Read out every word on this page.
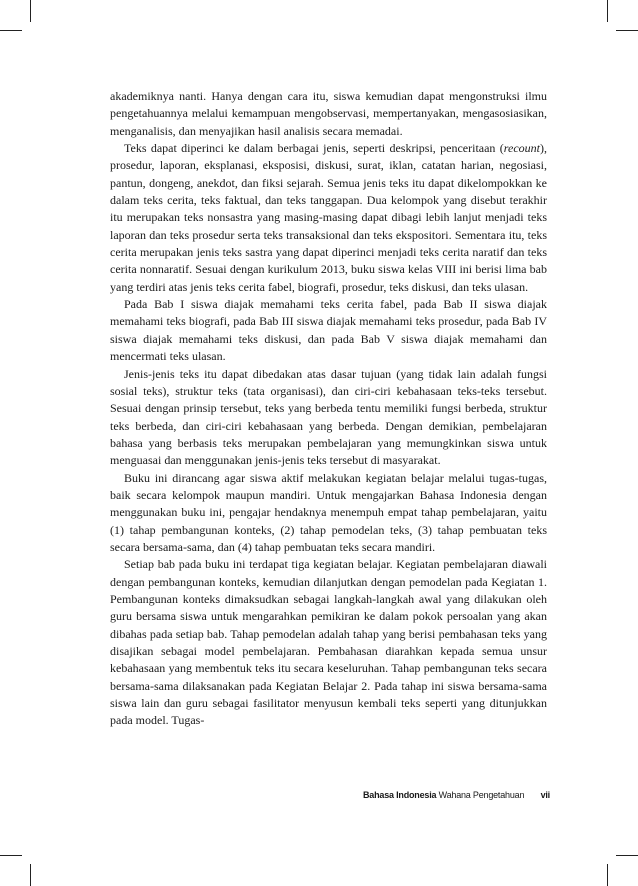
akademiknya nanti. Hanya dengan cara itu, siswa kemudian dapat mengonstruksi ilmu pengetahuannya melalui kemampuan mengobservasi, mempertanyakan, mengasosiasikan, menganalisis, dan menyajikan hasil analisis secara memadai.

Teks dapat diperinci ke dalam berbagai jenis, seperti deskripsi, penceritaan (recount), prosedur, laporan, eksplanasi, eksposisi, diskusi, surat, iklan, catatan harian, negosiasi, pantun, dongeng, anekdot, dan fiksi sejarah. Semua jenis teks itu dapat dikelompokkan ke dalam teks cerita, teks faktual, dan teks tanggapan. Dua kelompok yang disebut terakhir itu merupakan teks nonsastra yang masing-masing dapat dibagi lebih lanjut menjadi teks laporan dan teks prosedur serta teks transaksional dan teks ekspositori. Sementara itu, teks cerita merupakan jenis teks sastra yang dapat diperinci menjadi teks cerita naratif dan teks cerita nonnaratif. Sesuai dengan kurikulum 2013, buku siswa kelas VIII ini berisi lima bab yang terdiri atas jenis teks cerita fabel, biografi, prosedur, teks diskusi, dan teks ulasan.

Pada Bab I siswa diajak memahami teks cerita fabel, pada Bab II siswa diajak memahami teks biografi, pada Bab III siswa diajak memahami teks prosedur, pada Bab IV siswa diajak memahami teks diskusi, dan pada Bab V siswa diajak memahami dan mencermati teks ulasan.

Jenis-jenis teks itu dapat dibedakan atas dasar tujuan (yang tidak lain adalah fungsi sosial teks), struktur teks (tata organisasi), dan ciri-ciri kebahasaan teks-teks tersebut. Sesuai dengan prinsip tersebut, teks yang berbeda tentu memiliki fungsi berbeda, struktur teks berbeda, dan ciri-ciri kebahasaan yang berbeda. Dengan demikian, pembelajaran bahasa yang berbasis teks merupakan pembelajaran yang memungkinkan siswa untuk menguasai dan menggunakan jenis-jenis teks tersebut di masyarakat.

Buku ini dirancang agar siswa aktif melakukan kegiatan belajar melalui tugas-tugas, baik secara kelompok maupun mandiri. Untuk mengajarkan Bahasa Indonesia dengan menggunakan buku ini, pengajar hendaknya menempuh empat tahap pembelajaran, yaitu (1) tahap pembangunan konteks, (2) tahap pemodelan teks, (3) tahap pembuatan teks secara bersama-sama, dan (4) tahap pembuatan teks secara mandiri.

Setiap bab pada buku ini terdapat tiga kegiatan belajar. Kegiatan pembelajaran diawali dengan pembangunan konteks, kemudian dilanjutkan dengan pemodelan pada Kegiatan 1. Pembangunan konteks dimaksudkan sebagai langkah-langkah awal yang dilakukan oleh guru bersama siswa untuk mengarahkan pemikiran ke dalam pokok persoalan yang akan dibahas pada setiap bab. Tahap pemodelan adalah tahap yang berisi pembahasan teks yang disajikan sebagai model pembelajaran. Pembahasan diarahkan kepada semua unsur kebahasaan yang membentuk teks itu secara keseluruhan. Tahap pembangunan teks secara bersama-sama dilaksanakan pada Kegiatan Belajar 2. Pada tahap ini siswa bersama-sama siswa lain dan guru sebagai fasilitator menyusun kembali teks seperti yang ditunjukkan pada model. Tugas-

Bahasa Indonesia Wahana Pengetahuan vii
